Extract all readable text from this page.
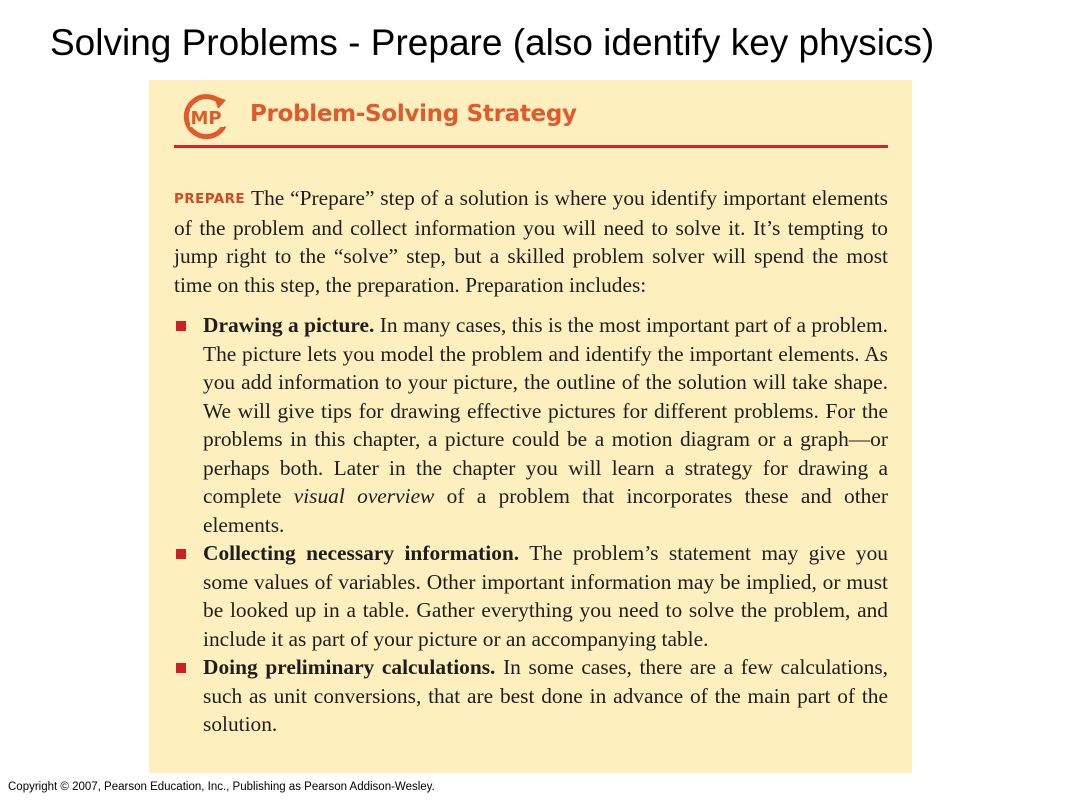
Solving Problems - Prepare (also identify key physics)
MP Problem-Solving Strategy

PREPARE The “Prepare” step of a solution is where you identify important elements of the problem and collect information you will need to solve it. It’s tempting to jump right to the “solve” step, but a skilled problem solver will spend the most time on this step, the preparation. Preparation includes:

Drawing a picture. In many cases, this is the most important part of a problem. The picture lets you model the problem and identify the important elements. As you add information to your picture, the outline of the solution will take shape. We will give tips for drawing effective pictures for different problems. For the problems in this chapter, a picture could be a motion diagram or a graph—or perhaps both. Later in the chapter you will learn a strategy for drawing a complete visual overview of a problem that incorporates these and other elements.
Collecting necessary information. The problem’s statement may give you some values of variables. Other important information may be implied, or must be looked up in a table. Gather everything you need to solve the problem, and include it as part of your picture or an accompanying table.
Doing preliminary calculations. In some cases, there are a few calculations, such as unit conversions, that are best done in advance of the main part of the solution.
Copyright © 2007, Pearson Education, Inc., Publishing as Pearson Addison-Wesley.
